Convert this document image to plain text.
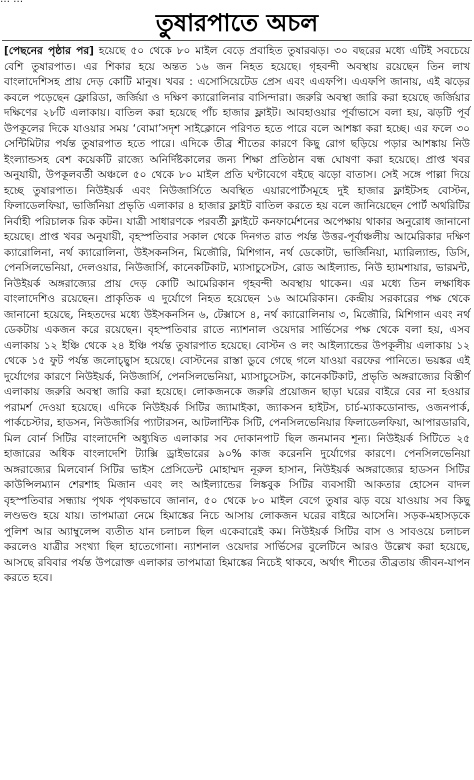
তুষারপাতে অচল
[পেছনের পৃষ্ঠার পর] হয়েছে ৫০ থেকে ৮০ মাইল বেড়ে প্রবাহিত তুষারঝড়। ৩০ বছরের মধ্যে এটিই সবচেয়ে বেশি তুষারপাত। এর শিকার হয়ে অন্তত ১৬ জন নিহত হয়েছে। গৃহবন্দী অবস্থায় রয়েছেন তিন লাখ বাংলাদেশিসহ প্রায় দেড় কোটি মানুষ। খবর : এসোসিয়েটেড প্রেস এবং এএফপি। এএফপি জানায়, এই ঝড়ের কবলে পড়েছেন ফ্লোরিডা, জর্জিয়া ও দক্ষিণ ক্যারোলিনার বাসিন্দারা। জরুরি অবস্থা জারি করা হয়েছে জর্জিয়ার দক্ষিণের ২৮টি এলাকায়। বাতিল করা হয়েছে পাঁচ হাজার ফ্লাইট। আবহাওয়ার পূর্বাভাসে বলা হয়, ঝড়টি পূর্ব উপকূলের দিকে যাওয়ার সময় ‘বোমা’সদৃশ সাইক্লোনে পরিণত হতে পারে বলে আশঙ্কা করা হচ্ছে। এর ফলে ৩০ সেন্টিমিটার পর্যন্ত তুষারপাত হতে পারে। এদিকে তীব্র শীতের কারণে কিছু রোগ ছড়িয়ে পড়ার আশঙ্কায় নিউ ইংল্যান্ডসহ বেশ কয়েকটি রাজ্যে অনির্দিষ্টকালের জন্য শিক্ষা প্রতিষ্ঠান বন্ধ ঘোষণা করা হয়েছে। প্রাপ্ত খবর অনুযায়ী, উপকূলবর্তী অঞ্চলে ৫০ থেকে ৮০ মাইল প্রতি ঘণ্টাবেগে বইছে ঝড়ো বাতাস। সেই সঙ্গে পাল্লা দিয়ে হচ্ছে তুষারপাত। নিউইয়র্ক এবং নিউজার্সিতে অবস্থিত এয়ারপোর্টসমূহে দুই হাজার ফ্লাইটসহ বোস্টন, ফিলাডেলফিয়া, ভার্জিনিয়া প্রভৃতি এলাকার ৪ হাজার ফ্লাইট বাতিল করতে হয় বলে জানিয়েছেন পোর্ট অথরিটির নির্বাহী পরিচালক রিক কটন। যাত্রী সাধারণকে পরবর্তী ফ্লাইটে কনফার্মেশনের অপেক্ষায় থাকার অনুরোধ জানানো হয়েছে। প্রাপ্ত খবর অনুযায়ী, বৃহস্পতিবার সকাল থেকে দিনগত রাত পর্যন্ত উত্তর-পূর্বাঞ্চলীয় আমেরিকার দক্ষিণ ক্যারোলিনা, নর্থ ক্যারোলিনা, উইসকনসিন, মিজৌরি, মিশিগান, নর্থ ডেকোটা, ভার্জিনিয়া, ম্যারিল্যান্ড, ডিসি, পেনসিলভেনিয়া, দেলওয়ার, নিউজার্সি, কানেকটিকাট, ম্যাসাচুসেটস, রোড আইল্যান্ড, নিউ হ্যামশায়ার, ভারমন্ট, নিউইয়র্ক অঙ্গরাজ্যের প্রায় দেড় কোটি আমেরিকান গৃহবন্দী অবস্থায় থাকেন। এর মধ্যে তিন লক্ষাধিক বাংলাদেশিও রয়েছেন। প্রাকৃতিক এ দুর্যোগে নিহত হয়েছেন ১৬ আমেরিকান। কেন্দ্রীয় সরকারের পক্ষ থেকে জানানো হয়েছে, নিহতদের মধ্যে উইসকনসিন ৬, টেক্সাসে ৪, নর্থ ক্যারোলিনায় ৩, মিজৌরি, মিশিগান এবং নর্থ ডেকটায় একজন করে রয়েছেন। বৃহস্পতিবার রাতে ন্যাশনাল ওয়েদার সার্ভিসের পক্ষ থেকে বলা হয়, এসব এলাকায় ১২ ইঞ্চি থেকে ২৪ ইঞ্চি পর্যন্ত তুষারপাত হয়েছে। বোস্টন ও লং আইল্যান্ডের উপকূলীয় এলাকায় ১২ থেকে ১৫ ফুট পর্যন্ত জলোচ্ছ্বাস হয়েছে। বোস্টনের রাস্তা ডুবে গেছে গলে যাওয়া বরফের পানিতে। ভয়ঙ্কর এই দুর্যোগের কারণে নিউইয়র্ক, নিউজার্সি, পেনসিলভেনিয়া, ম্যাসাচুসেটস, কানেকটিকাট, প্রভৃতি অঙ্গরাজ্যের বিস্তীর্ণ এলাকায় জরুরি অবস্থা জারি করা হয়েছে। লোকজনকে জরুরি প্রয়োজন ছাড়া ঘরের বাইরে বের না হওয়ার পরামর্শ দেওয়া হয়েছে। এদিকে নিউইয়র্ক সিটির জ্যামাইকা, জ্যাকসন হাইটস, চার্চ-ম্যাকডোনাল্ড, ওজনপার্ক, পার্কচেস্টার, হাডসন, নিউজার্সির প্যাটারসন, আটলান্টিক সিটি, পেনসিলভেনিয়ার ফিলাডেলফিয়া, আপারডারবি, মিল বোর্ন সিটির বাংলাদেশি অধ্যুষিত এলাকার সব দোকানপাট ছিল জনমানব শূন্য। নিউইয়র্ক সিটিতে ২৫ হাজারের অধিক বাংলাদেশি ট্যাক্সি ড্রাইভারের ৯০% কাজ করেননি দুর্যোগের কারণে। পেনসিলভেনিয়া অঙ্গরাজ্যের মিলবোর্ন সিটির ভাইস প্রেসিডেন্ট মোহাম্মদ নূরুল হাসান, নিউইয়র্ক অঙ্গরাজ্যের হাডসন সিটির কাউন্সিলম্যান শেরশাহ মিজান এবং লং আইল্যান্ডের লিঙ্কবুক সিটির ব্যবসায়ী আকতার হোসেন বাদল বৃহস্পতিবার সন্ধ্যায় পৃথক পৃথকভাবে জানান, ৫০ থেকে ৮০ মাইল বেগে তুষার ঝড় বয়ে যাওয়ায় সব কিছু লণ্ডভণ্ড হয়ে যায়। তাপমাত্রা নেমে হিমাঙ্কের নিচে আসায় লোকজন ঘরের বাইরে আসেনি। সড়ক-মহাসড়কে পুলিশ আর অ্যাম্বুলেন্স ব্যতীত যান চলাচল ছিল একেবারেই কম। নিউইয়র্ক সিটির বাস ও সাবওয়ে চলাচল করলেও যাত্রীর সংখ্যা ছিল হাতেগোনা। ন্যাশনাল ওয়েদার সার্ভিসের বুলেটিনে আরও উল্লেখ করা হয়েছে, আসছে রবিবার পর্যন্ত উপরোক্ত এলাকার তাপমাত্রা হিমাঙ্কের নিচেই থাকবে, অর্থাৎ শীতের তীব্রতায় জীবন-যাপন করতে হবে।
